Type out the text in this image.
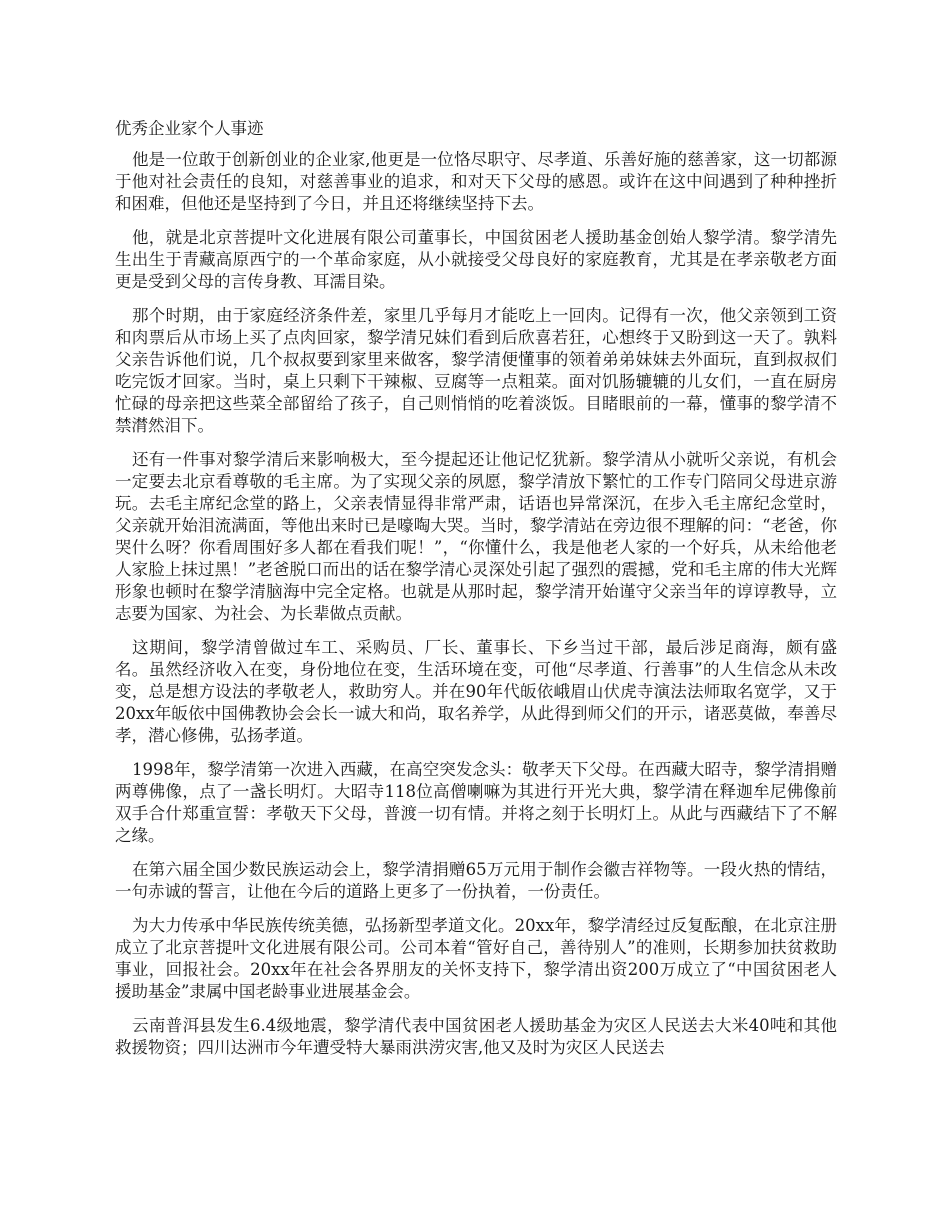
优秀企业家个人事迹

他是一位敢于创新创业的企业家,他更是一位恪尽职守、尽孝道、乐善好施的慈善家，这一切都源于他对社会责任的良知，对慈善事业的追求，和对天下父母的感恩。或许在这中间遇到了种种挫折和困难，但他还是坚持到了今日，并且还将继续坚持下去。

他，就是北京菩提叶文化进展有限公司董事长，中国贫困老人援助基金创始人黎学清。黎学清先生出生于青藏高原西宁的一个革命家庭，从小就接受父母良好的家庭教育，尤其是在孝亲敬老方面更是受到父母的言传身教、耳濡目染。

那个时期，由于家庭经济条件差，家里几乎每月才能吃上一回肉。记得有一次，他父亲领到工资和肉票后从市场上买了点肉回家，黎学清兄妹们看到后欣喜若狂，心想终于又盼到这一天了。孰料父亲告诉他们说，几个叔叔要到家里来做客，黎学清便懂事的领着弟弟妹妹去外面玩，直到叔叔们吃完饭才回家。当时，桌上只剩下干辣椒、豆腐等一点粗菜。面对饥肠辘辘的儿女们，一直在厨房忙碌的母亲把这些菜全部留给了孩子，自己则悄悄的吃着淡饭。目睹眼前的一幕，懂事的黎学清不禁潸然泪下。

还有一件事对黎学清后来影响极大，至今提起还让他记忆犹新。黎学清从小就听父亲说，有机会一定要去北京看尊敬的毛主席。为了实现父亲的夙愿，黎学清放下繁忙的工作专门陪同父母进京游玩。去毛主席纪念堂的路上，父亲表情显得非常严肃，话语也异常深沉，在步入毛主席纪念堂时，父亲就开始泪流满面，等他出来时已是嚎啕大哭。当时，黎学清站在旁边很不理解的问：“老爸，你哭什么呀？你看周围好多人都在看我们呢！”，“你懂什么，我是他老人家的一个好兵，从未给他老人家脸上抹过黑！”老爸脱口而出的话在黎学清心灵深处引起了强烈的震撼，党和毛主席的伟大光辉形象也顿时在黎学清脑海中完全定格。也就是从那时起，黎学清开始谨守父亲当年的谆谆教导，立志要为国家、为社会、为长辈做点贡献。

这期间，黎学清曾做过车工、采购员、厂长、董事长、下乡当过干部，最后涉足商海，颇有盛名。虽然经济收入在变，身份地位在变，生活环境在变，可他“尽孝道、行善事”的人生信念从未改变，总是想方设法的孝敬老人，救助穷人。并在90年代皈依峨眉山伏虎寺演法法师取名宽学，又于20xx年皈依中国佛教协会会长一诚大和尚，取名养学，从此得到师父们的开示，诸恶莫做，奉善尽孝，潜心修佛，弘扬孝道。

1998年，黎学清第一次进入西藏，在高空突发念头：敬孝天下父母。在西藏大昭寺，黎学清捐赠两尊佛像，点了一盏长明灯。大昭寺118位高僧喇嘛为其进行开光大典，黎学清在释迦牟尼佛像前双手合什郑重宣誓：孝敬天下父母，普渡一切有情。并将之刻于长明灯上。从此与西藏结下了不解之缘。

在第六届全国少数民族运动会上，黎学清捐赠65万元用于制作会徽吉祥物等。一段火热的情结，一句赤诚的誓言，让他在今后的道路上更多了一份执着，一份责任。

为大力传承中华民族传统美德，弘扬新型孝道文化。20xx年，黎学清经过反复酝酿，在北京注册成立了北京菩提叶文化进展有限公司。公司本着“管好自己，善待别人”的准则，长期参加扶贫救助事业，回报社会。20xx年在社会各界朋友的关怀支持下，黎学清出资200万成立了“中国贫困老人援助基金”隶属中国老龄事业进展基金会。

云南普洱县发生6.4级地震，黎学清代表中国贫困老人援助基金为灾区人民送去大米40吨和其他救援物资；四川达洲市今年遭受特大暴雨洪涝灾害,他又及时为灾区人民送去
